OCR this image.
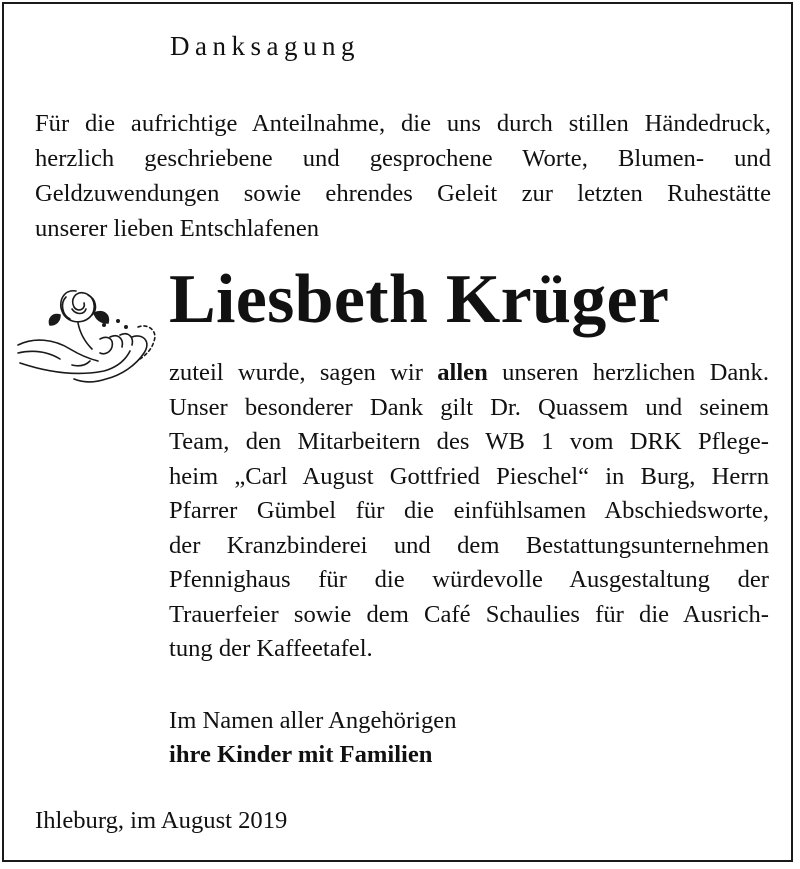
Danksagung

Für die aufrichtige Anteilnahme, die uns durch stillen Händedruck,
herzlich geschriebene und gesprochene Worte, Blumen- und
Geldzuwendungen sowie ehrendes Geleit zur letzten Ruhestätte
unserer lieben Entschlafenen

Liesbeth Krüger

zuteil wurde, sagen wir allen unseren herzlichen Dank.
Unser besonderer Dank gilt Dr. Quassem und seinem
Team, den Mitarbeitern des WB 1 vom DRK Pflege-
heim „Carl August Gottfried Pieschel“ in Burg, Herrn
Pfarrer Gümbel für die einfühlsamen Abschiedsworte,
der Kranzbinderei und dem Bestattungsunternehmen
Pfennighaus für die würdevolle Ausgestaltung der
Trauerfeier sowie dem Café Schaulies für die Ausrich-
tung der Kaffeetafel.

Im Namen aller Angehörigen
ihre Kinder mit Familien
Ihleburg, im August 2019
